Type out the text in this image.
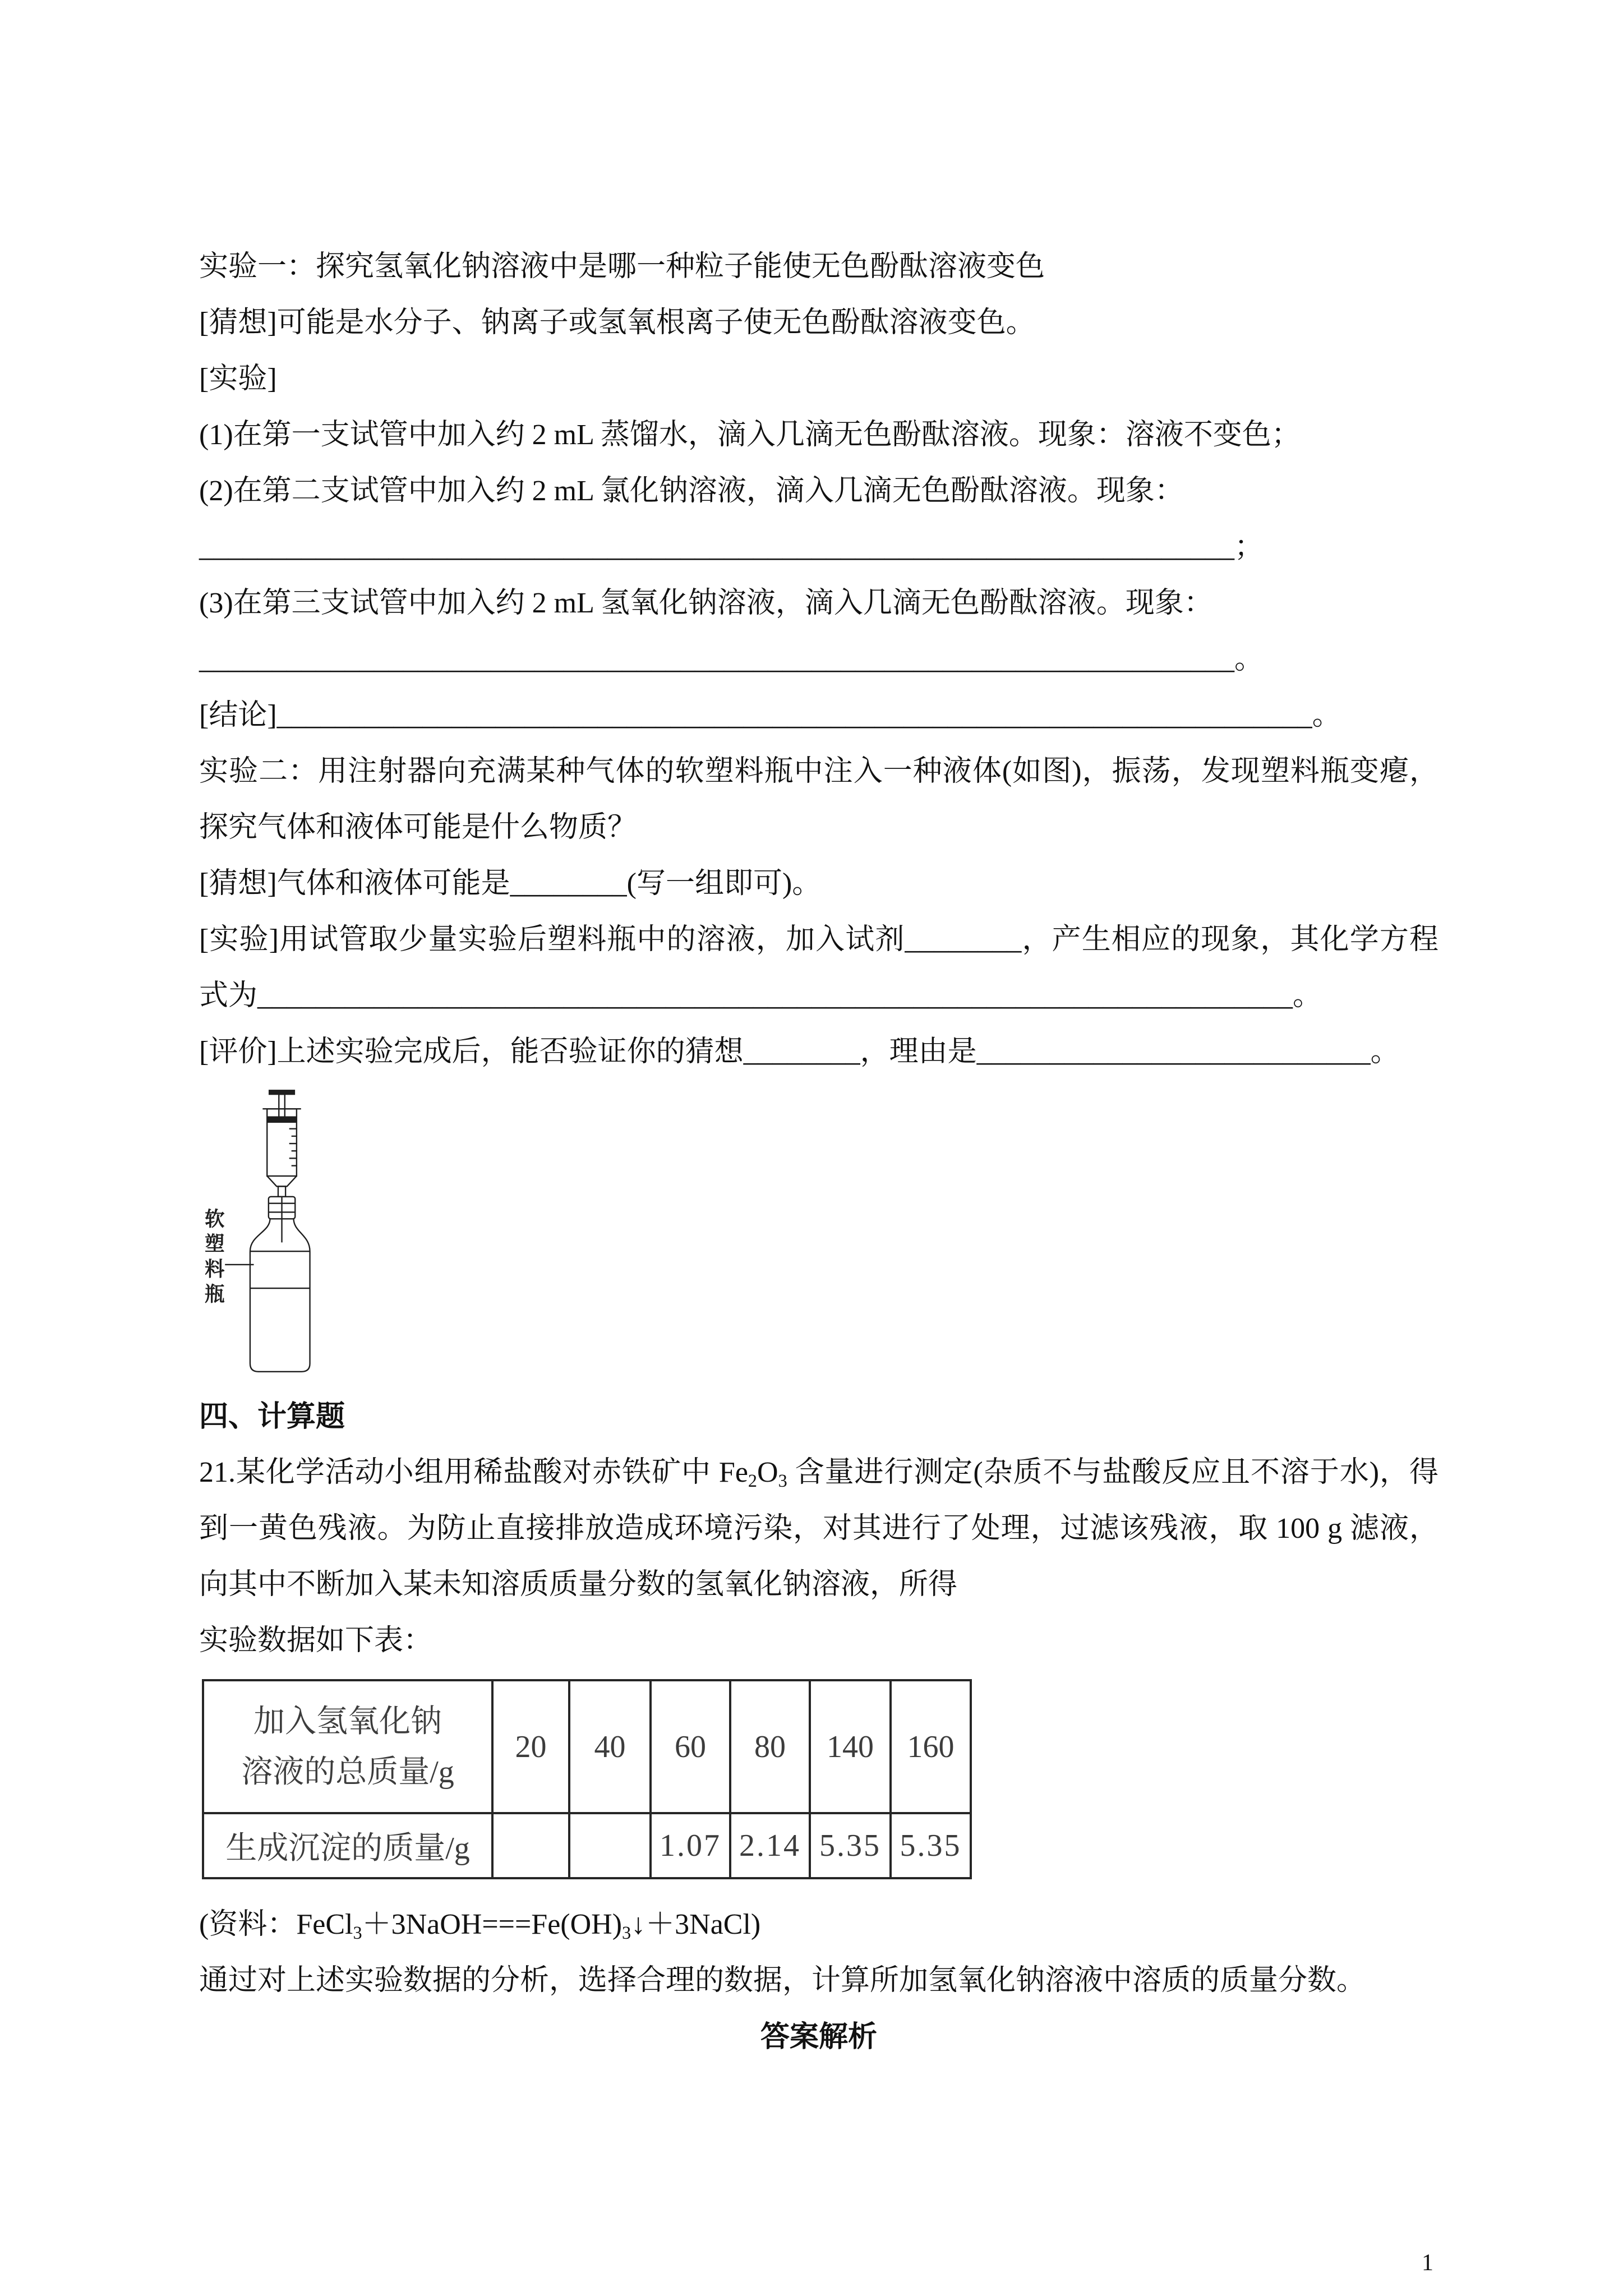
实验一：探究氢氧化钠溶液中是哪一种粒子能使无色酚酞溶液变色
[猜想]可能是水分子、钠离子或氢氧根离子使无色酚酞溶液变色。
[实验]
(1)在第一支试管中加入约 2 mL 蒸馏水，滴入几滴无色酚酞溶液。现象：溶液不变色；
(2)在第二支试管中加入约 2 mL 氯化钠溶液，滴入几滴无色酚酞溶液。现象：
_______________________________________________________________________；
(3)在第三支试管中加入约 2 mL 氢氧化钠溶液，滴入几滴无色酚酞溶液。现象：
_______________________________________________________________________。
[结论]_______________________________________________________________________。
实验二：用注射器向充满某种气体的软塑料瓶中注入一种液体(如图)，振荡，发现塑料瓶变瘪，
探究气体和液体可能是什么物质？
[猜想]气体和液体可能是________(写一组即可)。
[实验]用试管取少量实验后塑料瓶中的溶液，加入试剂________，产生相应的现象，其化学方程
式为_______________________________________________________________________。
[评价]上述实验完成后，能否验证你的猜想________，理由是___________________________。
软
塑
料
瓶
四、计算题
21.某化学活动小组用稀盐酸对赤铁矿中 Fe2O3 含量进行测定(杂质不与盐酸反应且不溶于水)，得
到一黄色残液。为防止直接排放造成环境污染，对其进行了处理，过滤该残液，取 100 g 滤液，
向其中不断加入某未知溶质质量分数的氢氧化钠溶液，所得
实验数据如下表：
加入氢氧化钠
溶液的总质量/g	20	40	60	80	140	160
生成沉淀的质量/g			1.07	2.14	5.35	5.35
(资料：FeCl3＋3NaOH===Fe(OH)3↓＋3NaCl)
通过对上述实验数据的分析，选择合理的数据，计算所加氢氧化钠溶液中溶质的质量分数。
答案解析
1
